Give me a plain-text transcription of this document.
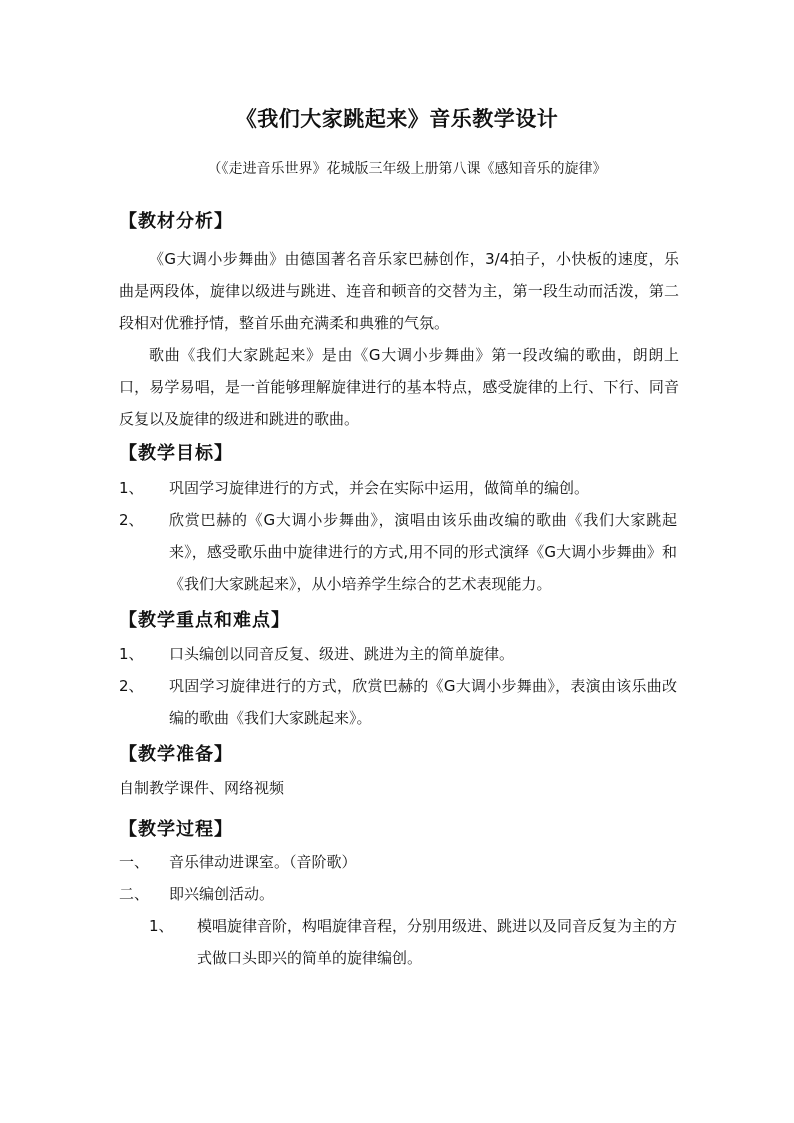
《我们大家跳起来》音乐教学设计
（《走进音乐世界》花城版三年级上册第八课《感知音乐的旋律》
【教材分析】
《G大调小步舞曲》由德国著名音乐家巴赫创作，3/4拍子，小快板的速度，乐曲是两段体，旋律以级进与跳进、连音和顿音的交替为主，第一段生动而活泼，第二段相对优雅抒情，整首乐曲充满柔和典雅的气氛。
歌曲《我们大家跳起来》是由《G大调小步舞曲》第一段改编的歌曲，朗朗上口，易学易唱，是一首能够理解旋律进行的基本特点，感受旋律的上行、下行、同音反复以及旋律的级进和跳进的歌曲。
【教学目标】
1、 巩固学习旋律进行的方式，并会在实际中运用，做简单的编创。
2、 欣赏巴赫的《G大调小步舞曲》，演唱由该乐曲改编的歌曲《我们大家跳起来》，感受歌乐曲中旋律进行的方式,用不同的形式演绎《G大调小步舞曲》和《我们大家跳起来》，从小培养学生综合的艺术表现能力。
【教学重点和难点】
1、 口头编创以同音反复、级进、跳进为主的简单旋律。
2、 巩固学习旋律进行的方式，欣赏巴赫的《G大调小步舞曲》，表演由该乐曲改编的歌曲《我们大家跳起来》。
【教学准备】
自制教学课件、网络视频
【教学过程】
一、 音乐律动进课室。（音阶歌）
二、 即兴编创活动。
1、 模唱旋律音阶，构唱旋律音程，分别用级进、跳进以及同音反复为主的方式做口头即兴的简单的旋律编创。
